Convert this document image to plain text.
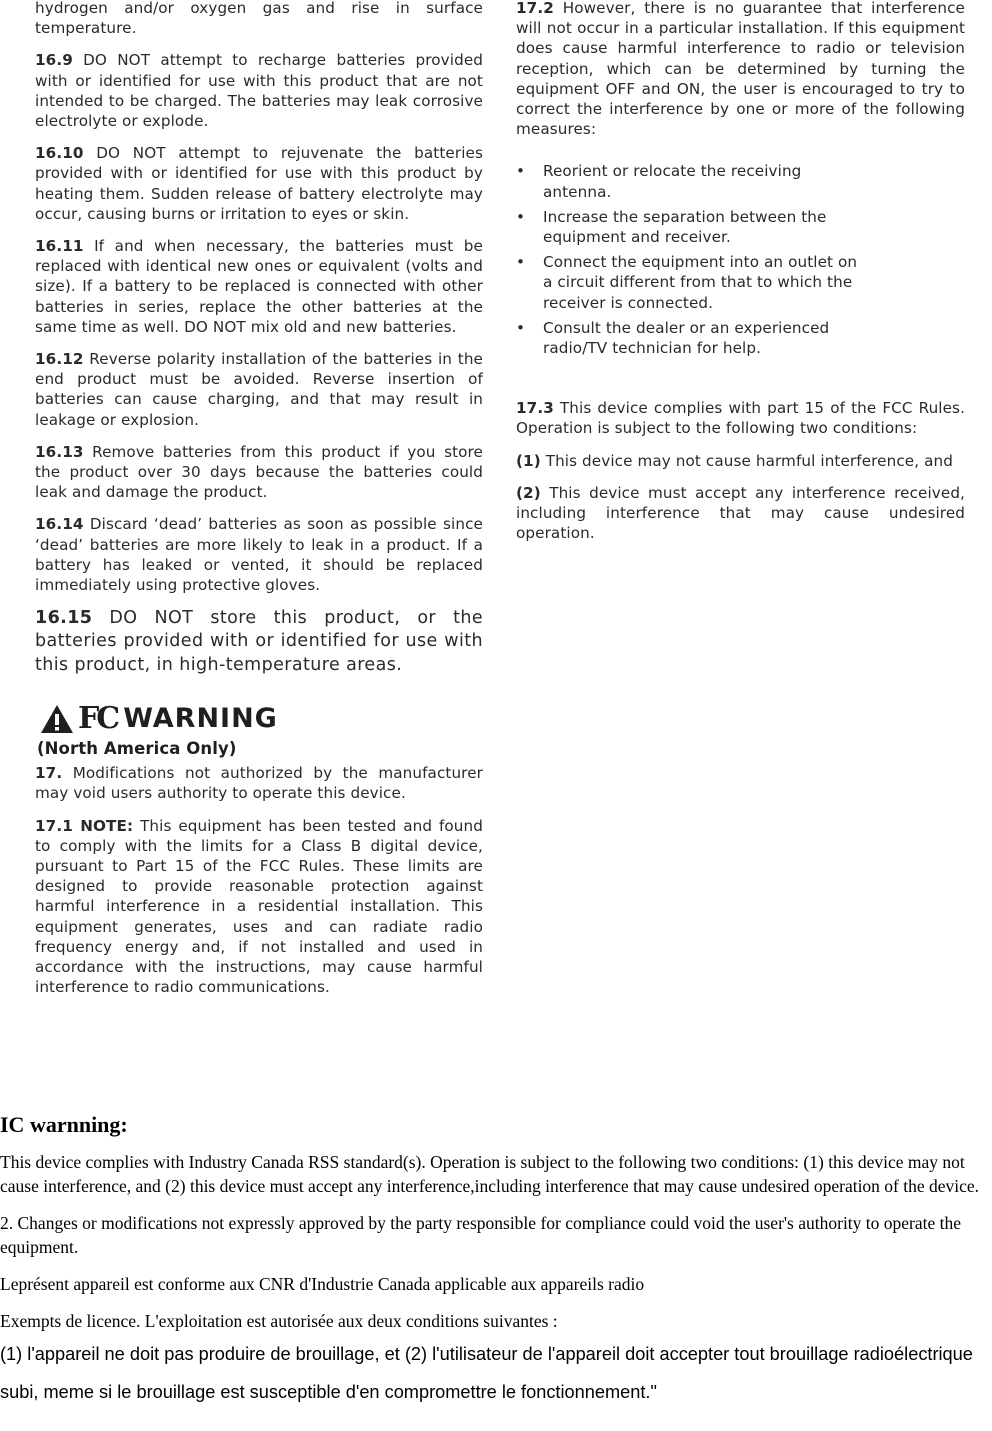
hydrogen and/or oxygen gas and rise in surface temperature.

16.9 DO NOT attempt to recharge batteries provided with or identified for use with this product that are not intended to be charged. The batteries may leak corrosive electrolyte or explode.

16.10 DO NOT attempt to rejuvenate the batteries provided with or identified for use with this product by heating them. Sudden release of battery electrolyte may occur, causing burns or irritation to eyes or skin.

16.11 If and when necessary, the batteries must be replaced with identical new ones or equivalent (volts and size). If a battery to be replaced is connected with other batteries in series, replace the other batteries at the same time as well. DO NOT mix old and new batteries.

16.12 Reverse polarity installation of the batteries in the end product must be avoided. Reverse insertion of batteries can cause charging, and that may result in leakage or explosion.

16.13 Remove batteries from this product if you store the product over 30 days because the batteries could leak and damage the product.

16.14 Discard ‘dead’ batteries as soon as possible since ‘dead’ batteries are more likely to leak in a product. If a battery has leaked or vented, it should be replaced immediately using protective gloves.

16.15 DO NOT store this product, or the batteries provided with or identified for use with this product, in high-temperature areas.

FC WARNING
(North America Only)

17. Modifications not authorized by the manufacturer may void users authority to operate this device.

17.1 NOTE: This equipment has been tested and found to comply with the limits for a Class B digital device, pursuant to Part 15 of the FCC Rules. These limits are designed to provide reasonable protection against harmful interference in a residential installation. This equipment generates, uses and can radiate radio frequency energy and, if not installed and used in accordance with the instructions, may cause harmful interference to radio communications.

17.2 However, there is no guarantee that interference will not occur in a particular installation. If this equipment does cause harmful interference to radio or television reception, which can be determined by turning the equipment OFF and ON, the user is encouraged to try to correct the interference by one or more of the following measures:

• Reorient or relocate the receiving antenna.
• Increase the separation between the equipment and receiver.
• Connect the equipment into an outlet on a circuit different from that to which the receiver is connected.
• Consult the dealer or an experienced radio/TV technician for help.

17.3 This device complies with part 15 of the FCC Rules. Operation is subject to the following two conditions:

(1) This device may not cause harmful interference, and

(2) This device must accept any interference received, including interference that may cause undesired operation.

IC warnning:

This device complies with Industry Canada RSS standard(s). Operation is subject to the following two conditions: (1) this device may not cause interference, and (2) this device must accept any interference,including interference that may cause undesired operation of the device.

2. Changes or modifications not expressly approved by the party responsible for compliance could void the user's authority to operate the equipment.

Leprésent appareil est conforme aux CNR d'Industrie Canada applicable aux appareils radio

Exempts de licence. L'exploitation est autorisée aux deux conditions suivantes :

(1) l'appareil ne doit pas produire de brouillage, et (2) l'utilisateur de l'appareil doit accepter tout brouillage radioélectrique subi, meme si le brouillage est susceptible d'en compromettre le fonctionnement."
